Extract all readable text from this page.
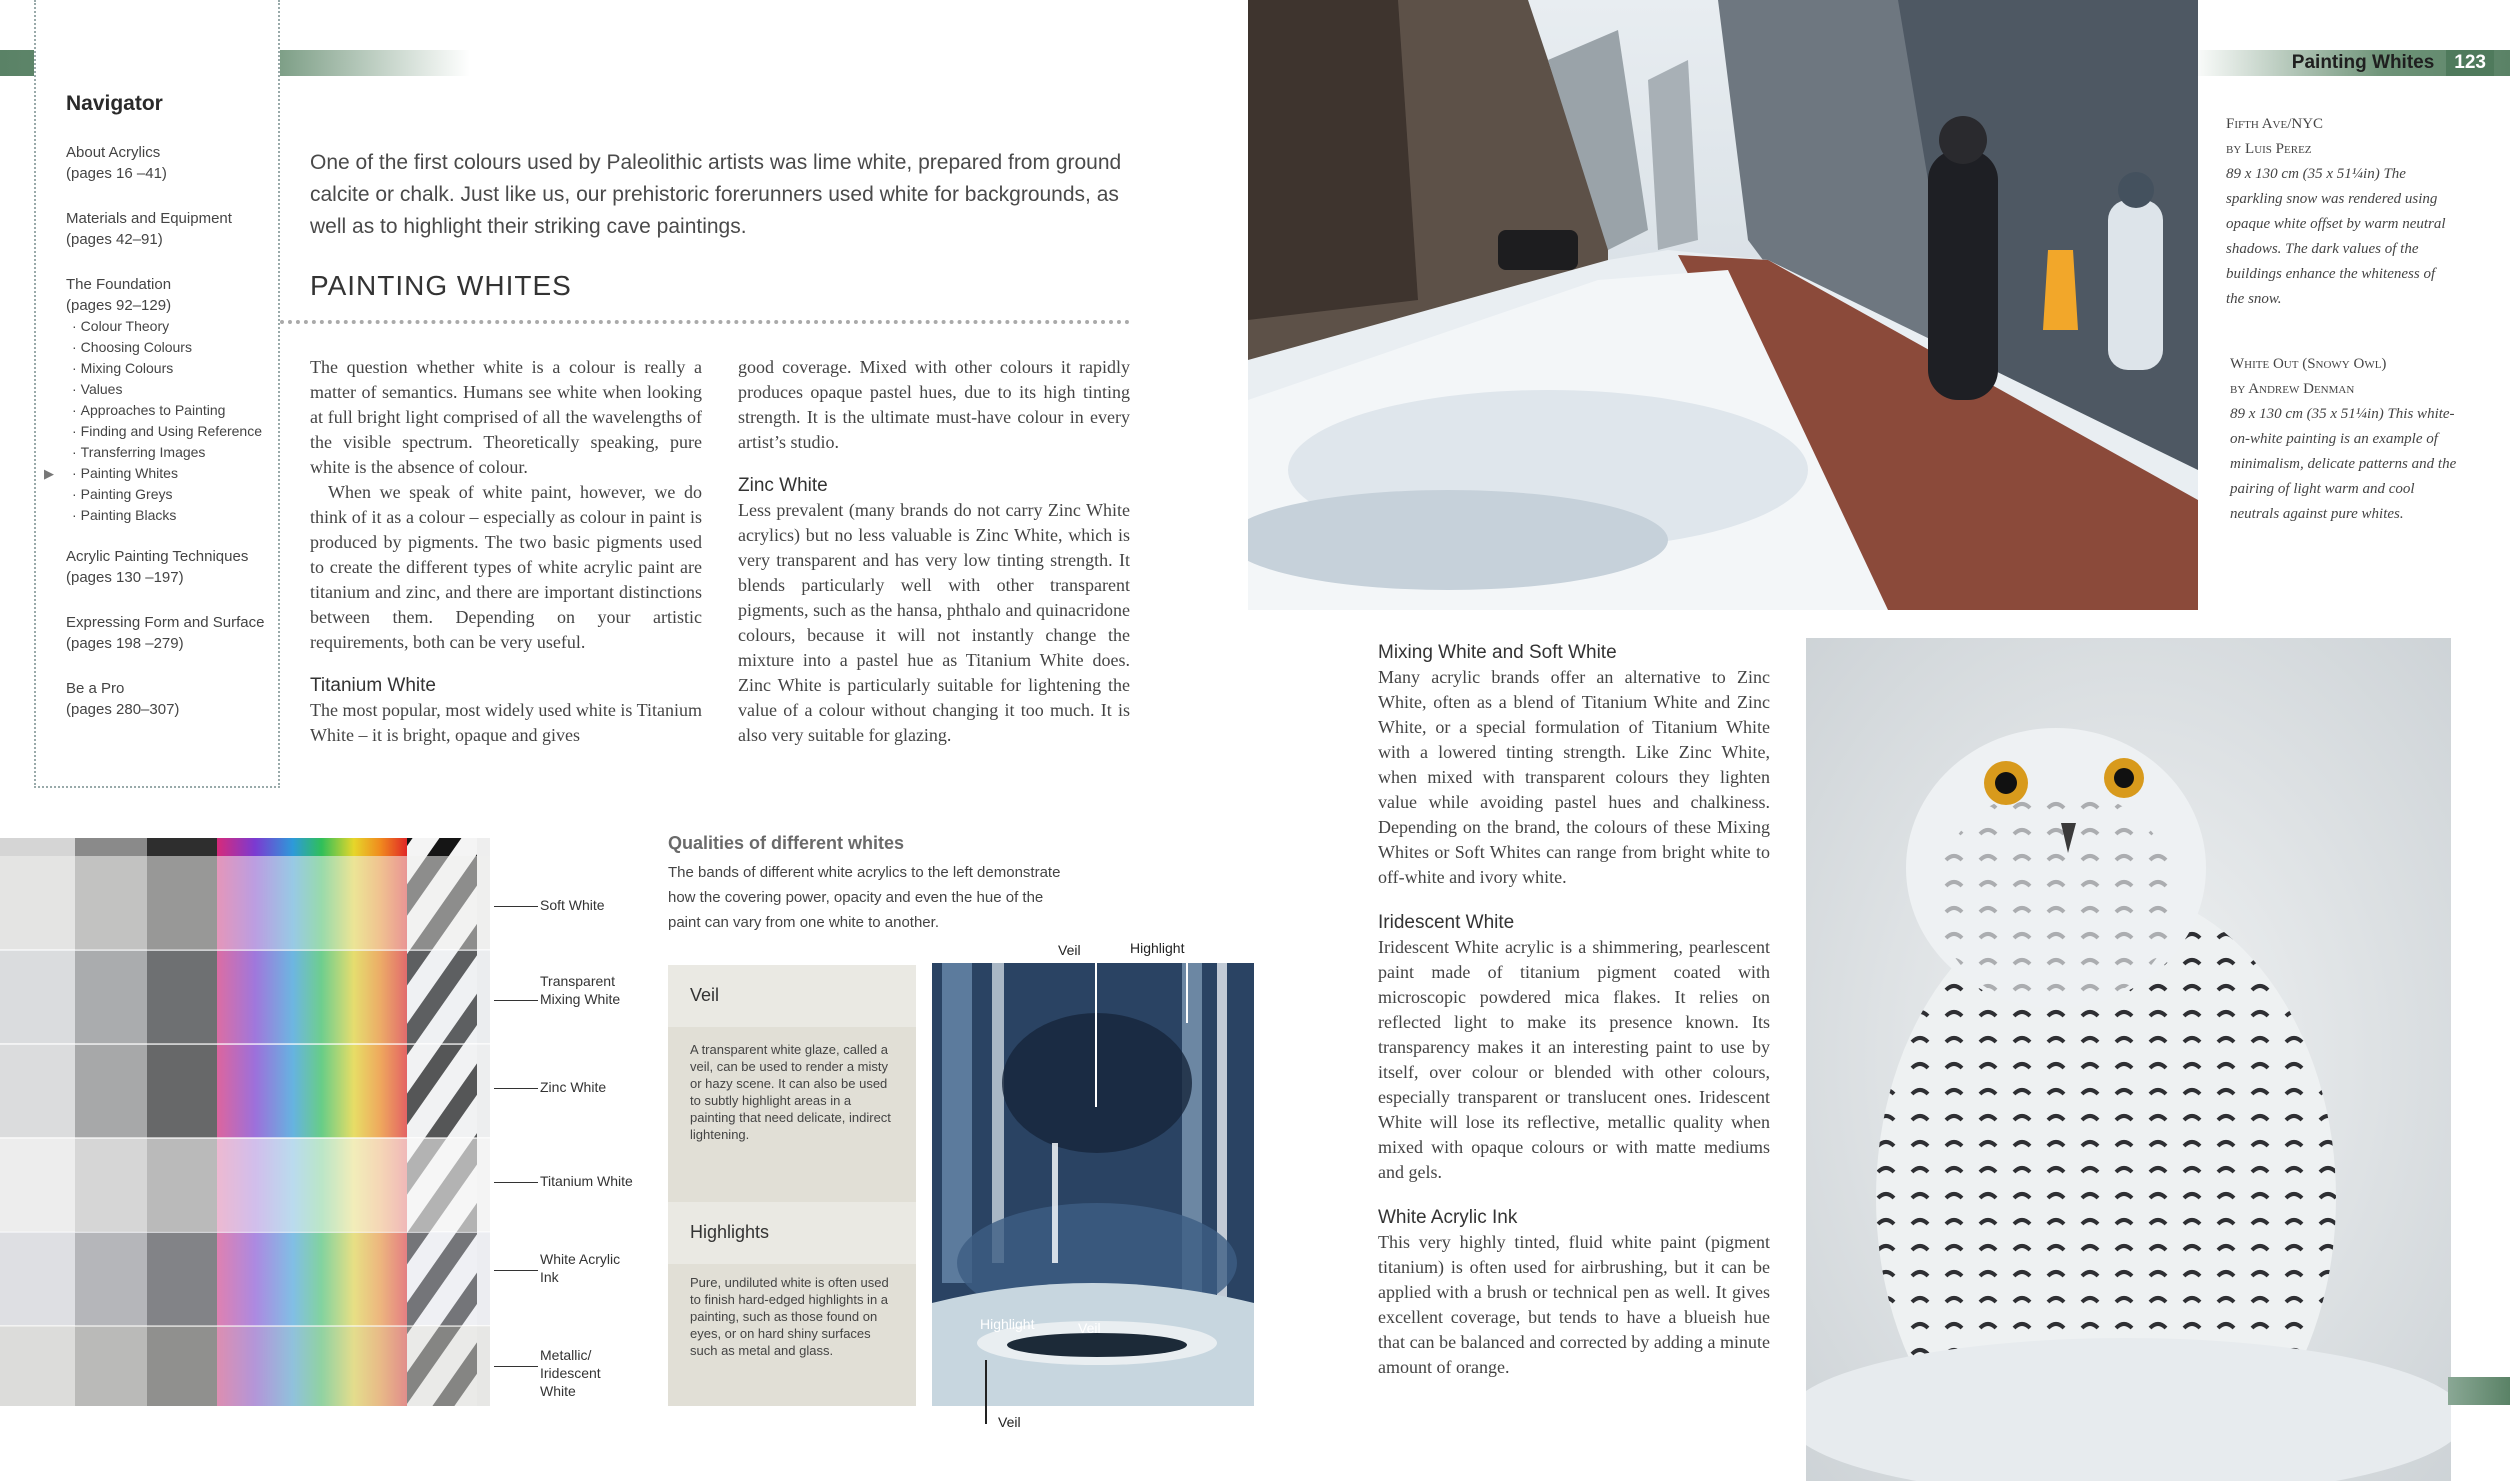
Painting Whites	123
Navigator
About Acrylics
(pages 16 –41)
Materials and Equipment
(pages 42–91)
The Foundation
(pages 92–129)
· Colour Theory
· Choosing Colours
· Mixing Colours
· Values
· Approaches to Painting
· Finding and Using Reference
· Transferring Images
▶ · Painting Whites
· Painting Greys
· Painting Blacks
Acrylic Painting Techniques
(pages 130 –197)
Expressing Form and Surface
(pages 198 –279)
Be a Pro
(pages 280–307)
One of the first colours used by Paleolithic artists was lime white, prepared from ground calcite or chalk. Just like us, our prehistoric forerunners used white for backgrounds, as well as to highlight their striking cave paintings.
PAINTING WHITES

The question whether white is a colour is really a matter of semantics. Humans see white when looking at full bright light comprised of all the wavelengths of the visible spectrum. Theoretically speaking, pure white is the absence of colour.

When we speak of white paint, however, we do think of it as a colour – especially as colour in paint is produced by pigments. The two basic pigments used to create the different types of white acrylic paint are titanium and zinc, and there are important distinctions between them. Depending on your artistic requirements, both can be very useful.

Titanium White

The most popular, most widely used white is Titanium White – it is bright, opaque and gives

good coverage. Mixed with other colours it rapidly produces opaque pastel hues, due to its high tinting strength. It is the ultimate must-have colour in every artist’s studio.

Zinc White

Less prevalent (many brands do not carry Zinc White acrylics) but no less valuable is Zinc White, which is very transparent and has very low tinting strength. It blends particularly well with other transparent pigments, such as the hansa, phthalo and quinacridone colours, because it will not instantly change the mixture into a pastel hue as Titanium White does. Zinc White is particularly suitable for lightening the value of a colour without changing it too much. It is also very suitable for glazing.

Soft White
Transparent
Mixing White
Zinc White
Titanium White
White Acrylic
Ink
Metallic/
Iridescent
White
Qualities of different whites
The bands of different white acrylics to the left demonstrate how the covering power, opacity and even the hue of the paint can vary from one white to another.
Veil
A transparent white glaze, called a veil, can be used to render a misty or hazy scene. It can also be used to subtly highlight areas in a painting that need delicate, indirect lightening.
Highlights
Pure, undiluted white is often used to finish hard-edged highlights in a painting, such as those found on eyes, or on hard shiny surfaces such as metal and glass.
Veil	Highlight
Highlight	Veil
Veil
Fifth Ave/NYC
by Luis Perez
89 x 130 cm (35 x 51¼in) The sparkling snow was rendered using opaque white offset by warm neutral shadows. The dark values of the buildings enhance the whiteness of the snow.
White Out (Snowy Owl)
by Andrew Denman
89 x 130 cm (35 x 51¼in) This white-on-white painting is an example of minimalism, delicate patterns and the pairing of light warm and cool neutrals against pure whites.
Mixing White and Soft White

Many acrylic brands offer an alternative to Zinc White, often as a blend of Titanium White and Zinc White, or a special formulation of Titanium White with a lowered tinting strength. Like Zinc White, when mixed with transparent colours they lighten value while avoiding pastel hues and chalkiness. Depending on the brand, the colours of these Mixing Whites or Soft Whites can range from bright white to off-white and ivory white.

Iridescent White

Iridescent White acrylic is a shimmering, pearlescent paint made of titanium pigment coated with microscopic powdered mica flakes. It relies on reflected light to make its presence known. Its transparency makes it an interesting paint to use by itself, over colour or blended with other colours, especially transparent or translucent ones. Iridescent White will lose its reflective, metallic quality when mixed with opaque colours or with matte mediums and gels.

White Acrylic Ink

This very highly tinted, fluid white paint (pigment titanium) is often used for airbrushing, but it can be applied with a brush or technical pen as well. It gives excellent coverage, but tends to have a blueish hue that can be balanced and corrected by adding a minute amount of orange.
